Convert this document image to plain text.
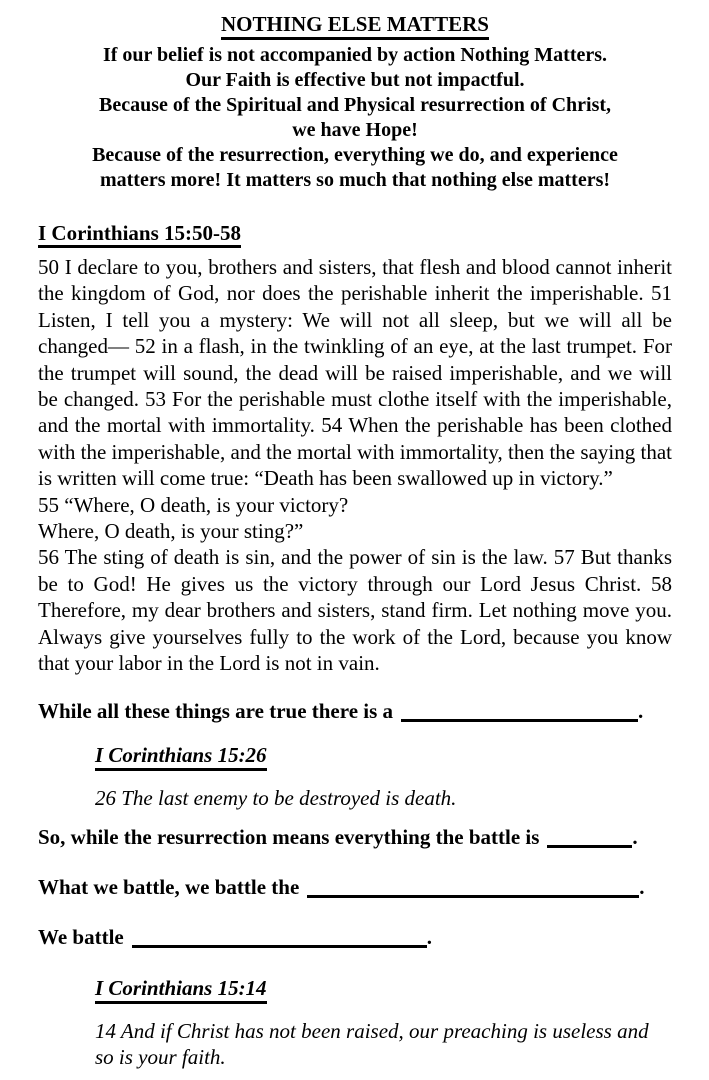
NOTHING ELSE MATTERS
If our belief is not accompanied by action Nothing Matters.
Our Faith is effective but not impactful.
Because of the Spiritual and Physical resurrection of Christ,
we have Hope!
Because of the resurrection, everything we do, and experience
matters more! It matters so much that nothing else matters!
I Corinthians 15:50-58

50 I declare to you, brothers and sisters, that flesh and blood cannot inherit the kingdom of God, nor does the perishable inherit the imperishable. 51 Listen, I tell you a mystery: We will not all sleep, but we will all be changed— 52 in a flash, in the twinkling of an eye, at the last trumpet. For the trumpet will sound, the dead will be raised imperishable, and we will be changed. 53 For the perishable must clothe itself with the imperishable, and the mortal with immortality. 54 When the perishable has been clothed with the imperishable, and the mortal with immortality, then the saying that is written will come true: “Death has been swallowed up in victory.”

55 “Where, O death, is your victory?

Where, O death, is your sting?”

56 The sting of death is sin, and the power of sin is the law. 57 But thanks be to God! He gives us the victory through our Lord Jesus Christ. 58 Therefore, my dear brothers and sisters, stand firm. Let nothing move you. Always give yourselves fully to the work of the Lord, because you know that your labor in the Lord is not in vain.

While all these things are true there is a	.
I Corinthians 15:26

26 The last enemy to be destroyed is death.

So, while the resurrection means everything the battle is	.
What we battle, we battle the	.
We battle	.
I Corinthians 15:14

14 And if Christ has not been raised, our preaching is useless and so is your faith.
